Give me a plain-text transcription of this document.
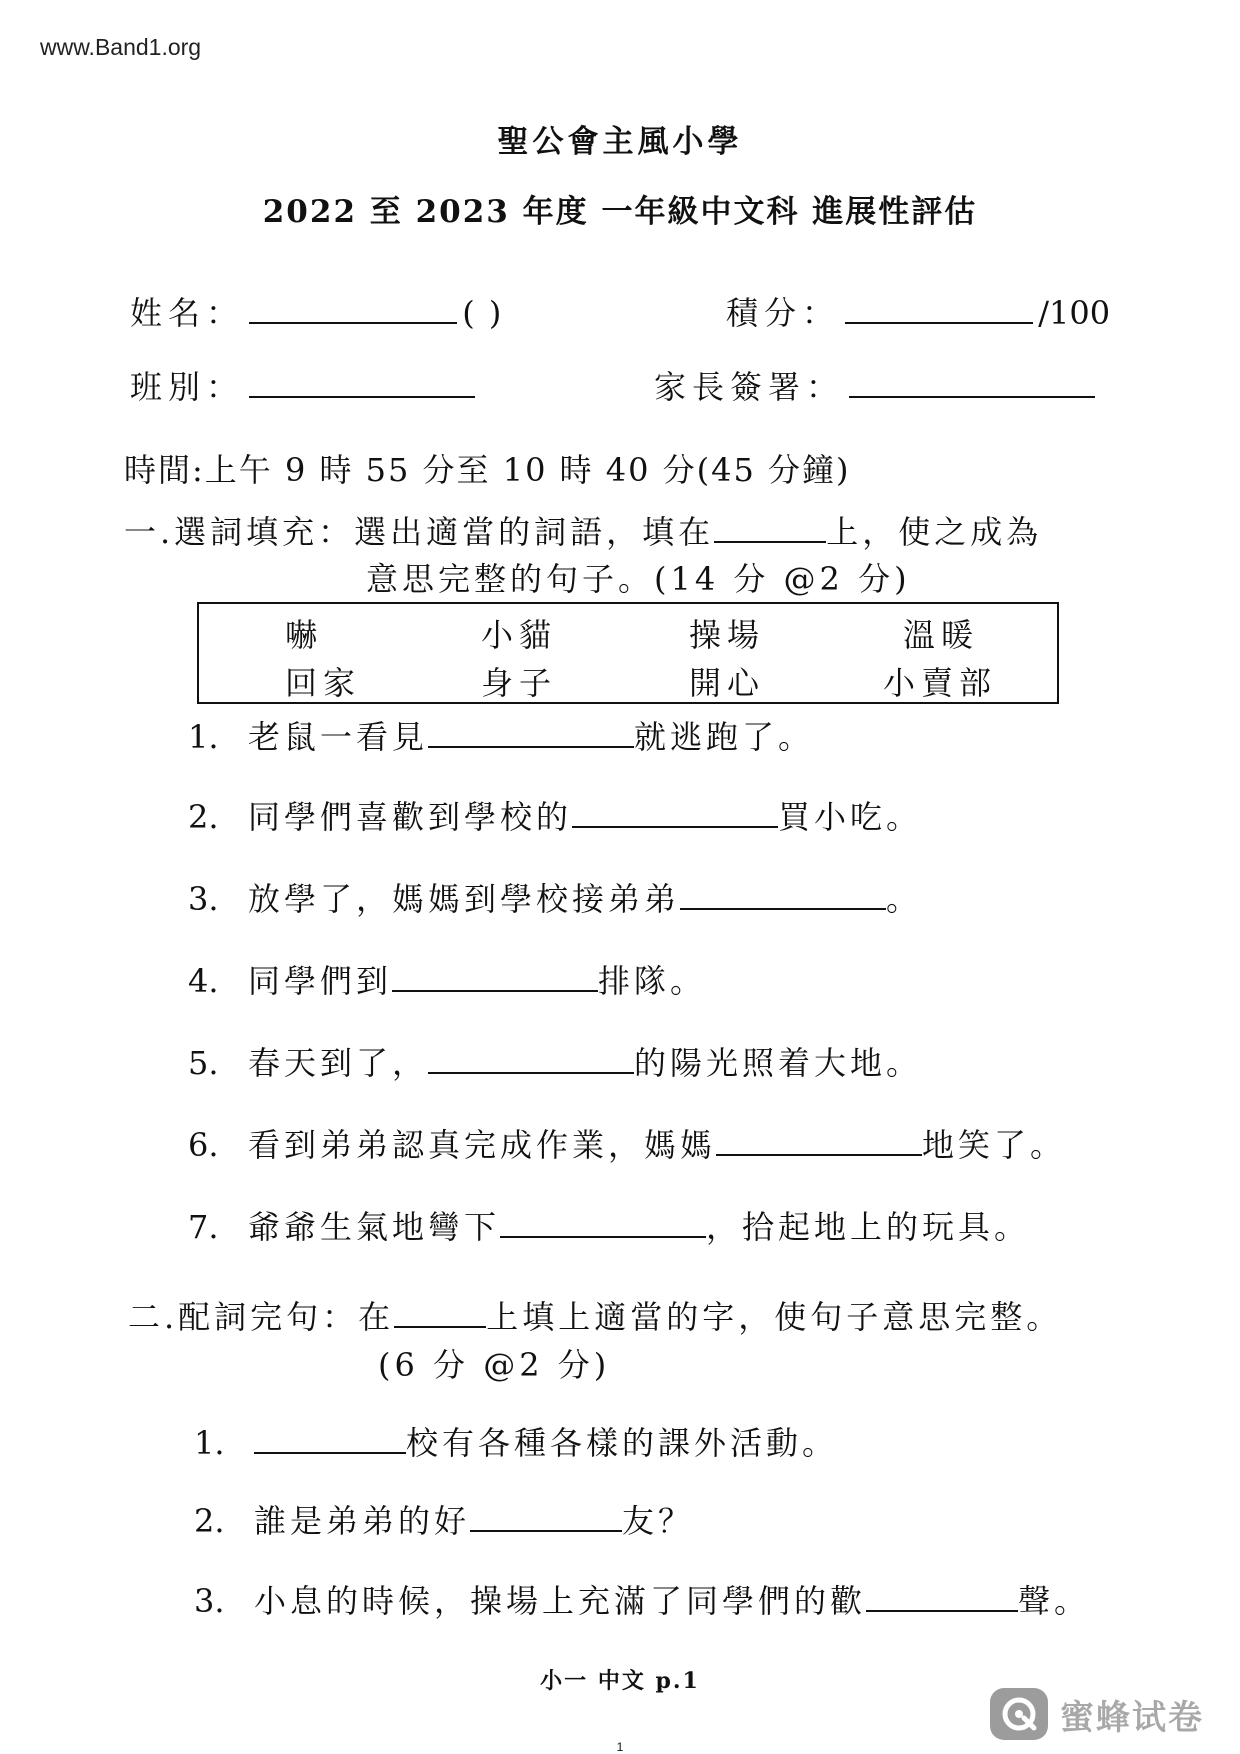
www.Band1.org
聖公會主風小學
2022 至 2023 年度 一年級中文科 進展性評估
姓名：	( )	積分：	/100
班別：	家長簽署：
時間:上午 9 時 55 分至 10 時 40 分(45 分鐘)
一.選詞填充：選出適當的詞語，填在	上，使之成為
意思完整的句子。(14 分 @2 分)
嚇	小貓	操場	溫暖
回家	身子	開心	小賣部
1. 老鼠一看見	就逃跑了。
2. 同學們喜歡到學校的	買小吃。
3. 放學了，媽媽到學校接弟弟	。
4. 同學們到	排隊。
5. 春天到了，	的陽光照着大地。
6. 看到弟弟認真完成作業，媽媽	地笑了。
7. 爺爺生氣地彎下	，拾起地上的玩具。
二.配詞完句：在	上填上適當的字，使句子意思完整。
(6 分 @2 分)
1.	校有各種各樣的課外活動。
2. 誰是弟弟的好	友？
3. 小息的時候，操場上充滿了同學們的歡	聲。
小一 中文 p.1
1
蜜蜂试卷
